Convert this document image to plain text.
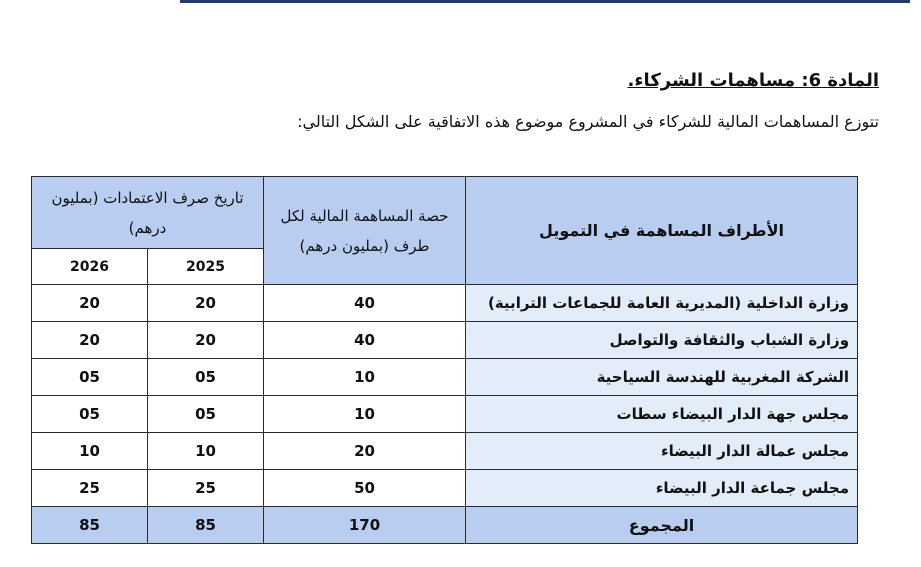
المادة 6: مساهمات الشركاء.
تتوزع المساهمات المالية للشركاء في المشروع موضوع هذه الاتفاقية على الشكل التالي:
تاريخ صرف الاعتمادات (بمليون درهم)		حصة المساهمة المالية لكل طرف (بمليون درهم)	الأطراف المساهمة في التمويل
2026	2025		
20	20	40	وزارة الداخلية (المديرية العامة للجماعات الترابية)
20	20	40	وزارة الشباب والثقافة والتواصل
05	05	10	الشركة المغربية للهندسة السياحية
05	05	10	مجلس جهة الدار البيضاء سطات
10	10	20	مجلس عمالة الدار البيضاء
25	25	50	مجلس جماعة الدار البيضاء
85	85	170	المجموع
